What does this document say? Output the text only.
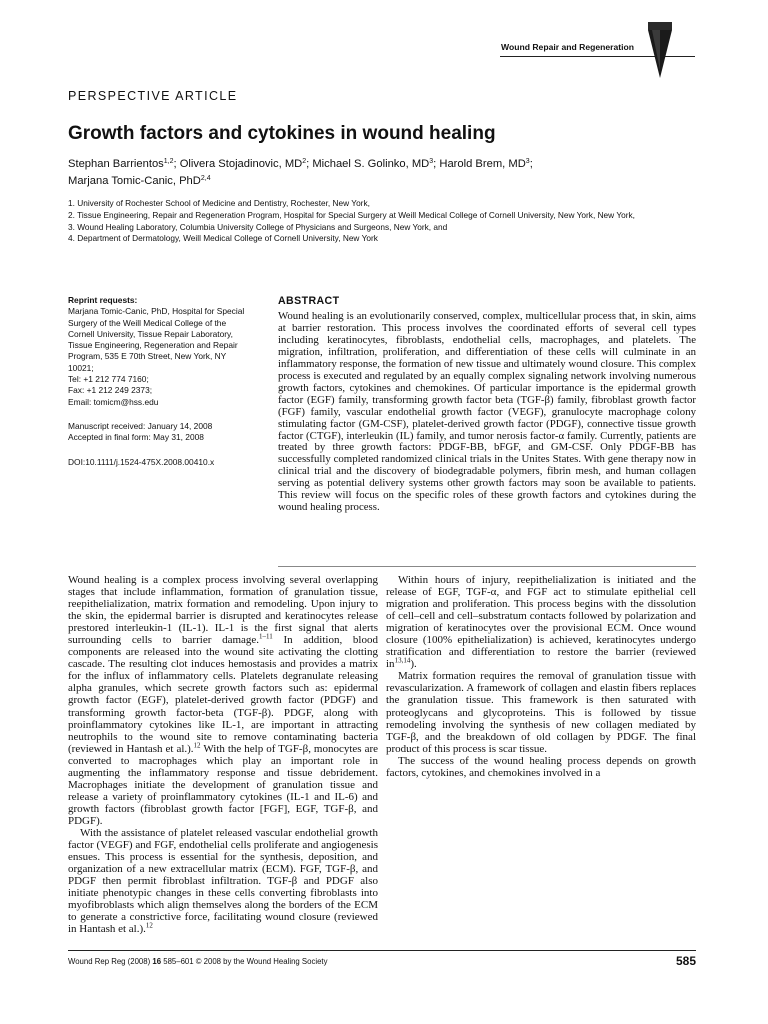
Wound Repair and Regeneration
PERSPECTIVE ARTICLE
Growth factors and cytokines in wound healing
Stephan Barrientos$^{1,2}$; Olivera Stojadinovic, $MD^2$; Michael S. Golinko, $MD^3$; Harold Brem, $MD^3$;
Marjana Tomic-Canic, PhD$^{2,4}$
1. University of Rochester School of Medicine and Dentistry, Rochester, New York,
2. Tissue Engineering, Repair and Regeneration Program, Hospital for Special Surgery at Weill Medical College of Cornell University, New York, New York,
3. Wound Healing Laboratory, Columbia University College of Physicians and Surgeons, New York, and
4. Department of Dermatology, Weill Medical College of Cornell University, New York
Reprint requests:
Marjana Tomic-Canic, PhD, Hospital for Special Surgery of the Weill Medical College of the Cornell University, Tissue Repair Laboratory, Tissue Engineering, Regeneration and Repair Program, 535 E 70th Street, New York, NY 10021;
Tel: +1 212 774 7160;
Fax: +1 212 249 2373;
Email: tomicm@hss.edu
Manuscript received: January 14, 2008
Accepted in final form: May 31, 2008
DOI:10.1111/j.1524-475X.2008.00410.x
ABSTRACT

Wound healing is an evolutionarily conserved, complex, multicellular process that, in skin, aims at barrier restoration. This process involves the coordinated efforts of several cell types including keratinocytes, fibroblasts, endothelial cells, macrophages, and platelets. The migration, infiltration, proliferation, and differentiation of these cells will culminate in an inflammatory response, the formation of new tissue and ultimately wound closure. This complex process is executed and regulated by an equally complex signaling network involving numerous growth factors, cytokines and chemokines. Of particular importance is the epidermal growth factor (EGF) family, transforming growth factor beta (TGF-β) family, fibroblast growth factor (FGF) family, vascular endothelial growth factor (VEGF), granulocyte macrophage colony stimulating factor (GM-CSF), platelet-derived growth factor (PDGF), connective tissue growth factor (CTGF), interleukin (IL) family, and tumor nerosis factor-α family. Currently, patients are treated by three growth factors: PDGF-BB, bFGF, and GM-CSF. Only PDGF-BB has successfully completed randomized clinical trials in the Unites States. With gene therapy now in clinical trial and the discovery of biodegradable polymers, fibrin mesh, and human collagen serving as potential delivery systems other growth factors may soon be available to patients. This review will focus on the specific roles of these growth factors and cytokines during the wound healing process.

Wound healing is a complex process involving several overlapping stages that include inflammation, formation of granulation tissue, reepithelialization, matrix formation and remodeling. Upon injury to the skin, the epidermal barrier is disrupted and keratinocytes release prestored interleukin-1 (IL-1). IL-1 is the first signal that alerts surrounding cells to barrier damage.$^{1-11}$ In addition, blood components are released into the wound site activating the clotting cascade. The resulting clot induces hemostasis and provides a matrix for the influx of inflammatory cells. Platelets degranulate releasing alpha granules, which secrete growth factors such as: epidermal growth factor (EGF), platelet-derived growth factor (PDGF) and transforming growth factor-beta (TGF-β). PDGF, along with proinflammatory cytokines like IL-1, are important in attracting neutrophils to the wound site to remove contaminating bacteria (reviewed in Hantash et al.).$^{12}$ With the help of TGF-β, monocytes are converted to macrophages which play an important role in augmenting the inflammatory response and tissue debridement. Macrophages initiate the development of granulation tissue and release a variety of proinflammatory cytokines (IL-1 and IL-6) and growth factors (fibroblast growth factor [FGF], EGF, TGF-β, and PDGF).

With the assistance of platelet released vascular endothelial growth factor (VEGF) and FGF, endothelial cells proliferate and angiogenesis ensues. This process is essential for the synthesis, deposition, and organization of a new extracellular matrix (ECM). FGF, TGF-β, and PDGF then permit fibroblast infiltration. TGF-β and PDGF also initiate phenotypic changes in these cells converting fibroblasts into myofibroblasts which align themselves along the borders of the ECM to generate a constrictive force, facilitating wound closure (reviewed in Hantash et al.).$^{12}$

Within hours of injury, reepithelialization is initiated and the release of EGF, TGF-α, and FGF act to stimulate epithelial cell migration and proliferation. This process begins with the dissolution of cell–cell and cell–substratum contacts followed by polarization and migration of keratinocytes over the provisional ECM. Once wound closure (100% epithelialization) is achieved, keratinocytes undergo stratification and differentiation to restore the barrier (reviewed in$^{13,14}$).

Matrix formation requires the removal of granulation tissue with revascularization. A framework of collagen and elastin fibers replaces the granulation tissue. This framework is then saturated with proteoglycans and glycoproteins. This is followed by tissue remodeling involving the synthesis of new collagen mediated by TGF-β, and the breakdown of old collagen by PDGF. The final product of this process is scar tissue.

The success of the wound healing process depends on growth factors, cytokines, and chemokines involved in a

Wound Rep Reg (2008) 16 585–601 © 2008 by the Wound Healing Society	585
